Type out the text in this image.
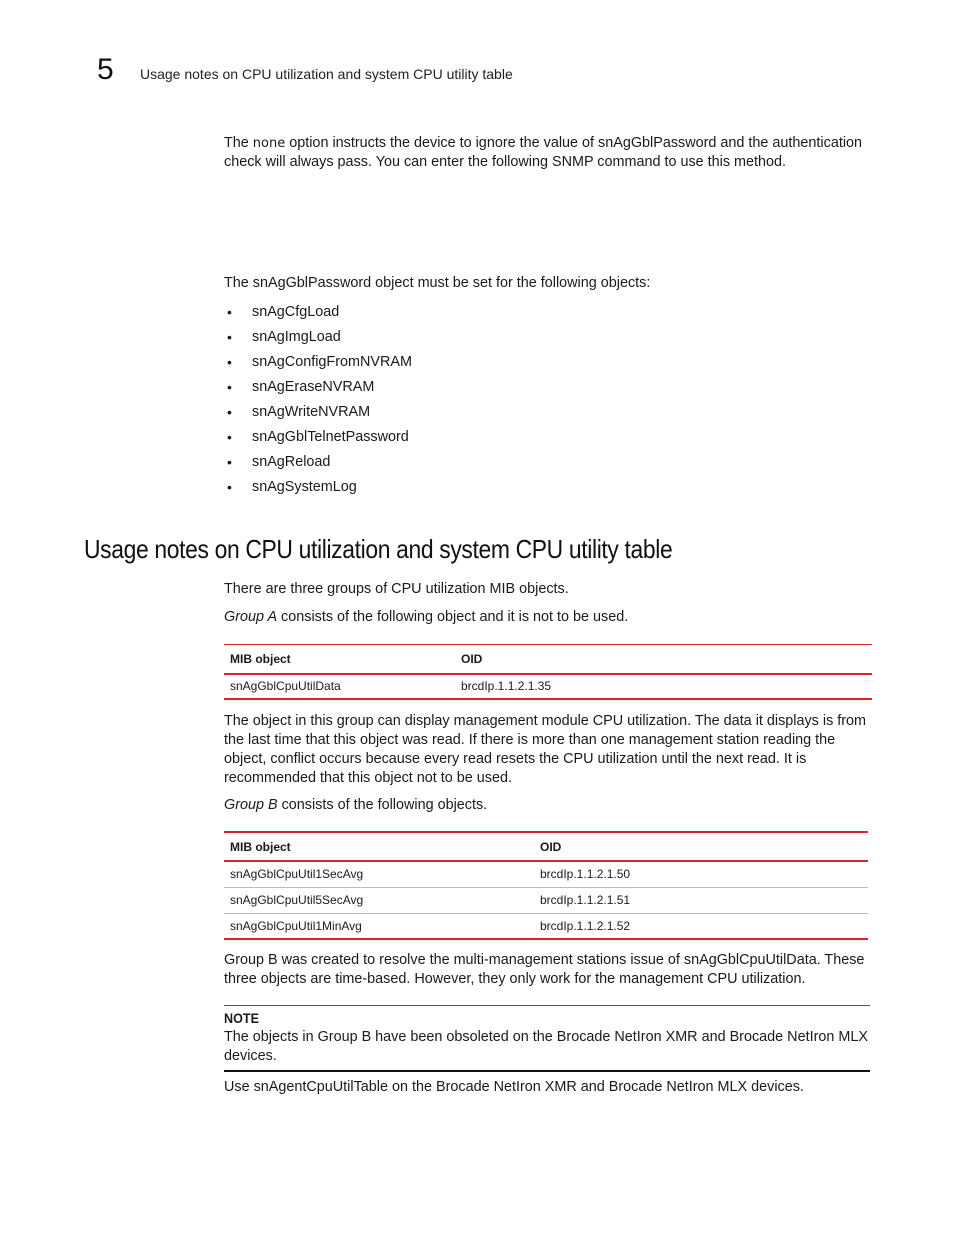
5 Usage notes on CPU utilization and system CPU utility table

The none option instructs the device to ignore the value of snAgGblPassword and the authentication check will always pass. You can enter the following SNMP command to use this method.

The snAgGblPassword object must be set for the following objects:

• snAgCfgLoad
• snAgImgLoad
• snAgConfigFromNVRAM
• snAgEraseNVRAM
• snAgWriteNVRAM
• snAgGblTelnetPassword
• snAgReload
• snAgSystemLog
Usage notes on CPU utilization and system CPU utility table

There are three groups of CPU utilization MIB objects.

Group A consists of the following object and it is not to be used.

MIB object	OID
snAgGblCpuUtilData	brcdIp.1.1.2.1.35

The object in this group can display management module CPU utilization. The data it displays is from the last time that this object was read. If there is more than one management station reading the object, conflict occurs because every read resets the CPU utilization until the next read. It is recommended that this object not to be used.

Group B consists of the following objects.

MIB object	OID
snAgGblCpuUtil1SecAvg	brcdIp.1.1.2.1.50
snAgGblCpuUtil5SecAvg	brcdIp.1.1.2.1.51
snAgGblCpuUtil1MinAvg	brcdIp.1.1.2.1.52

Group B was created to resolve the multi-management stations issue of snAgGblCpuUtilData. These three objects are time-based. However, they only work for the management CPU utilization.

NOTE

The objects in Group B have been obsoleted on the Brocade NetIron XMR and Brocade NetIron MLX devices.

Use snAgentCpuUtilTable on the Brocade NetIron XMR and Brocade NetIron MLX devices.
